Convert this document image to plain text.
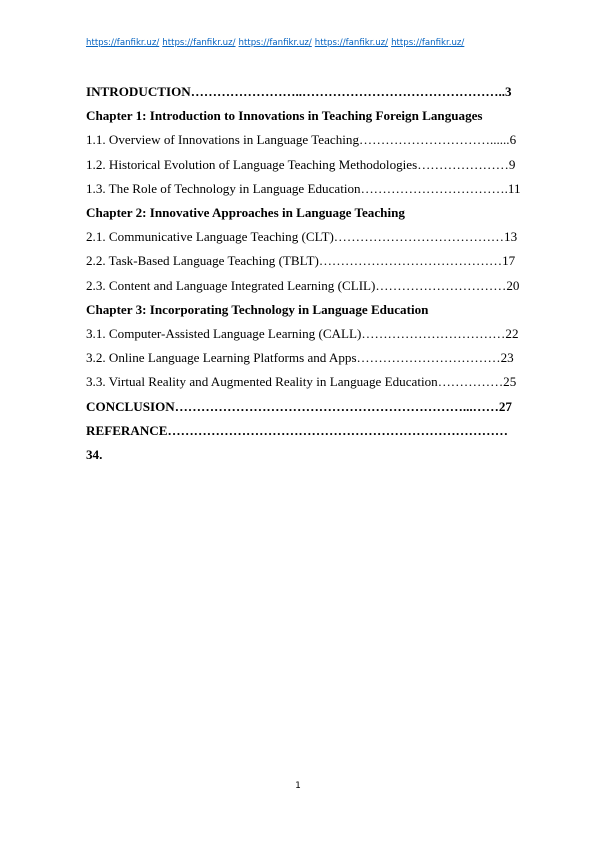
https://fanfikr.uz/ https://fanfikr.uz/ https://fanfikr.uz/ https://fanfikr.uz/ https://fanfikr.uz/
INTRODUCTION……………………..………………………………………..3
Chapter 1: Introduction to Innovations in Teaching Foreign Languages
1.1. Overview of Innovations in Language Teaching…………………………......6
1.2. Historical Evolution of Language Teaching Methodologies…………………9
1.3. The Role of Technology in Language Education…………………………….11
Chapter 2: Innovative Approaches in Language Teaching
2.1. Communicative Language Teaching (CLT)…………………………………13
2.2. Task-Based Language Teaching (TBLT)……………………………………17
2.3. Content and Language Integrated Learning (CLIL)…………………………20
Chapter 3: Incorporating Technology in Language Education
3.1. Computer-Assisted Language Learning (CALL)……………………………22
3.2. Online Language Learning Platforms and Apps……………………………23
3.3. Virtual Reality and Augmented Reality in Language Education……………25
CONCLUSION…………………………………………………………...……27
REFERANCE……………………………………………………………………
34.
1
